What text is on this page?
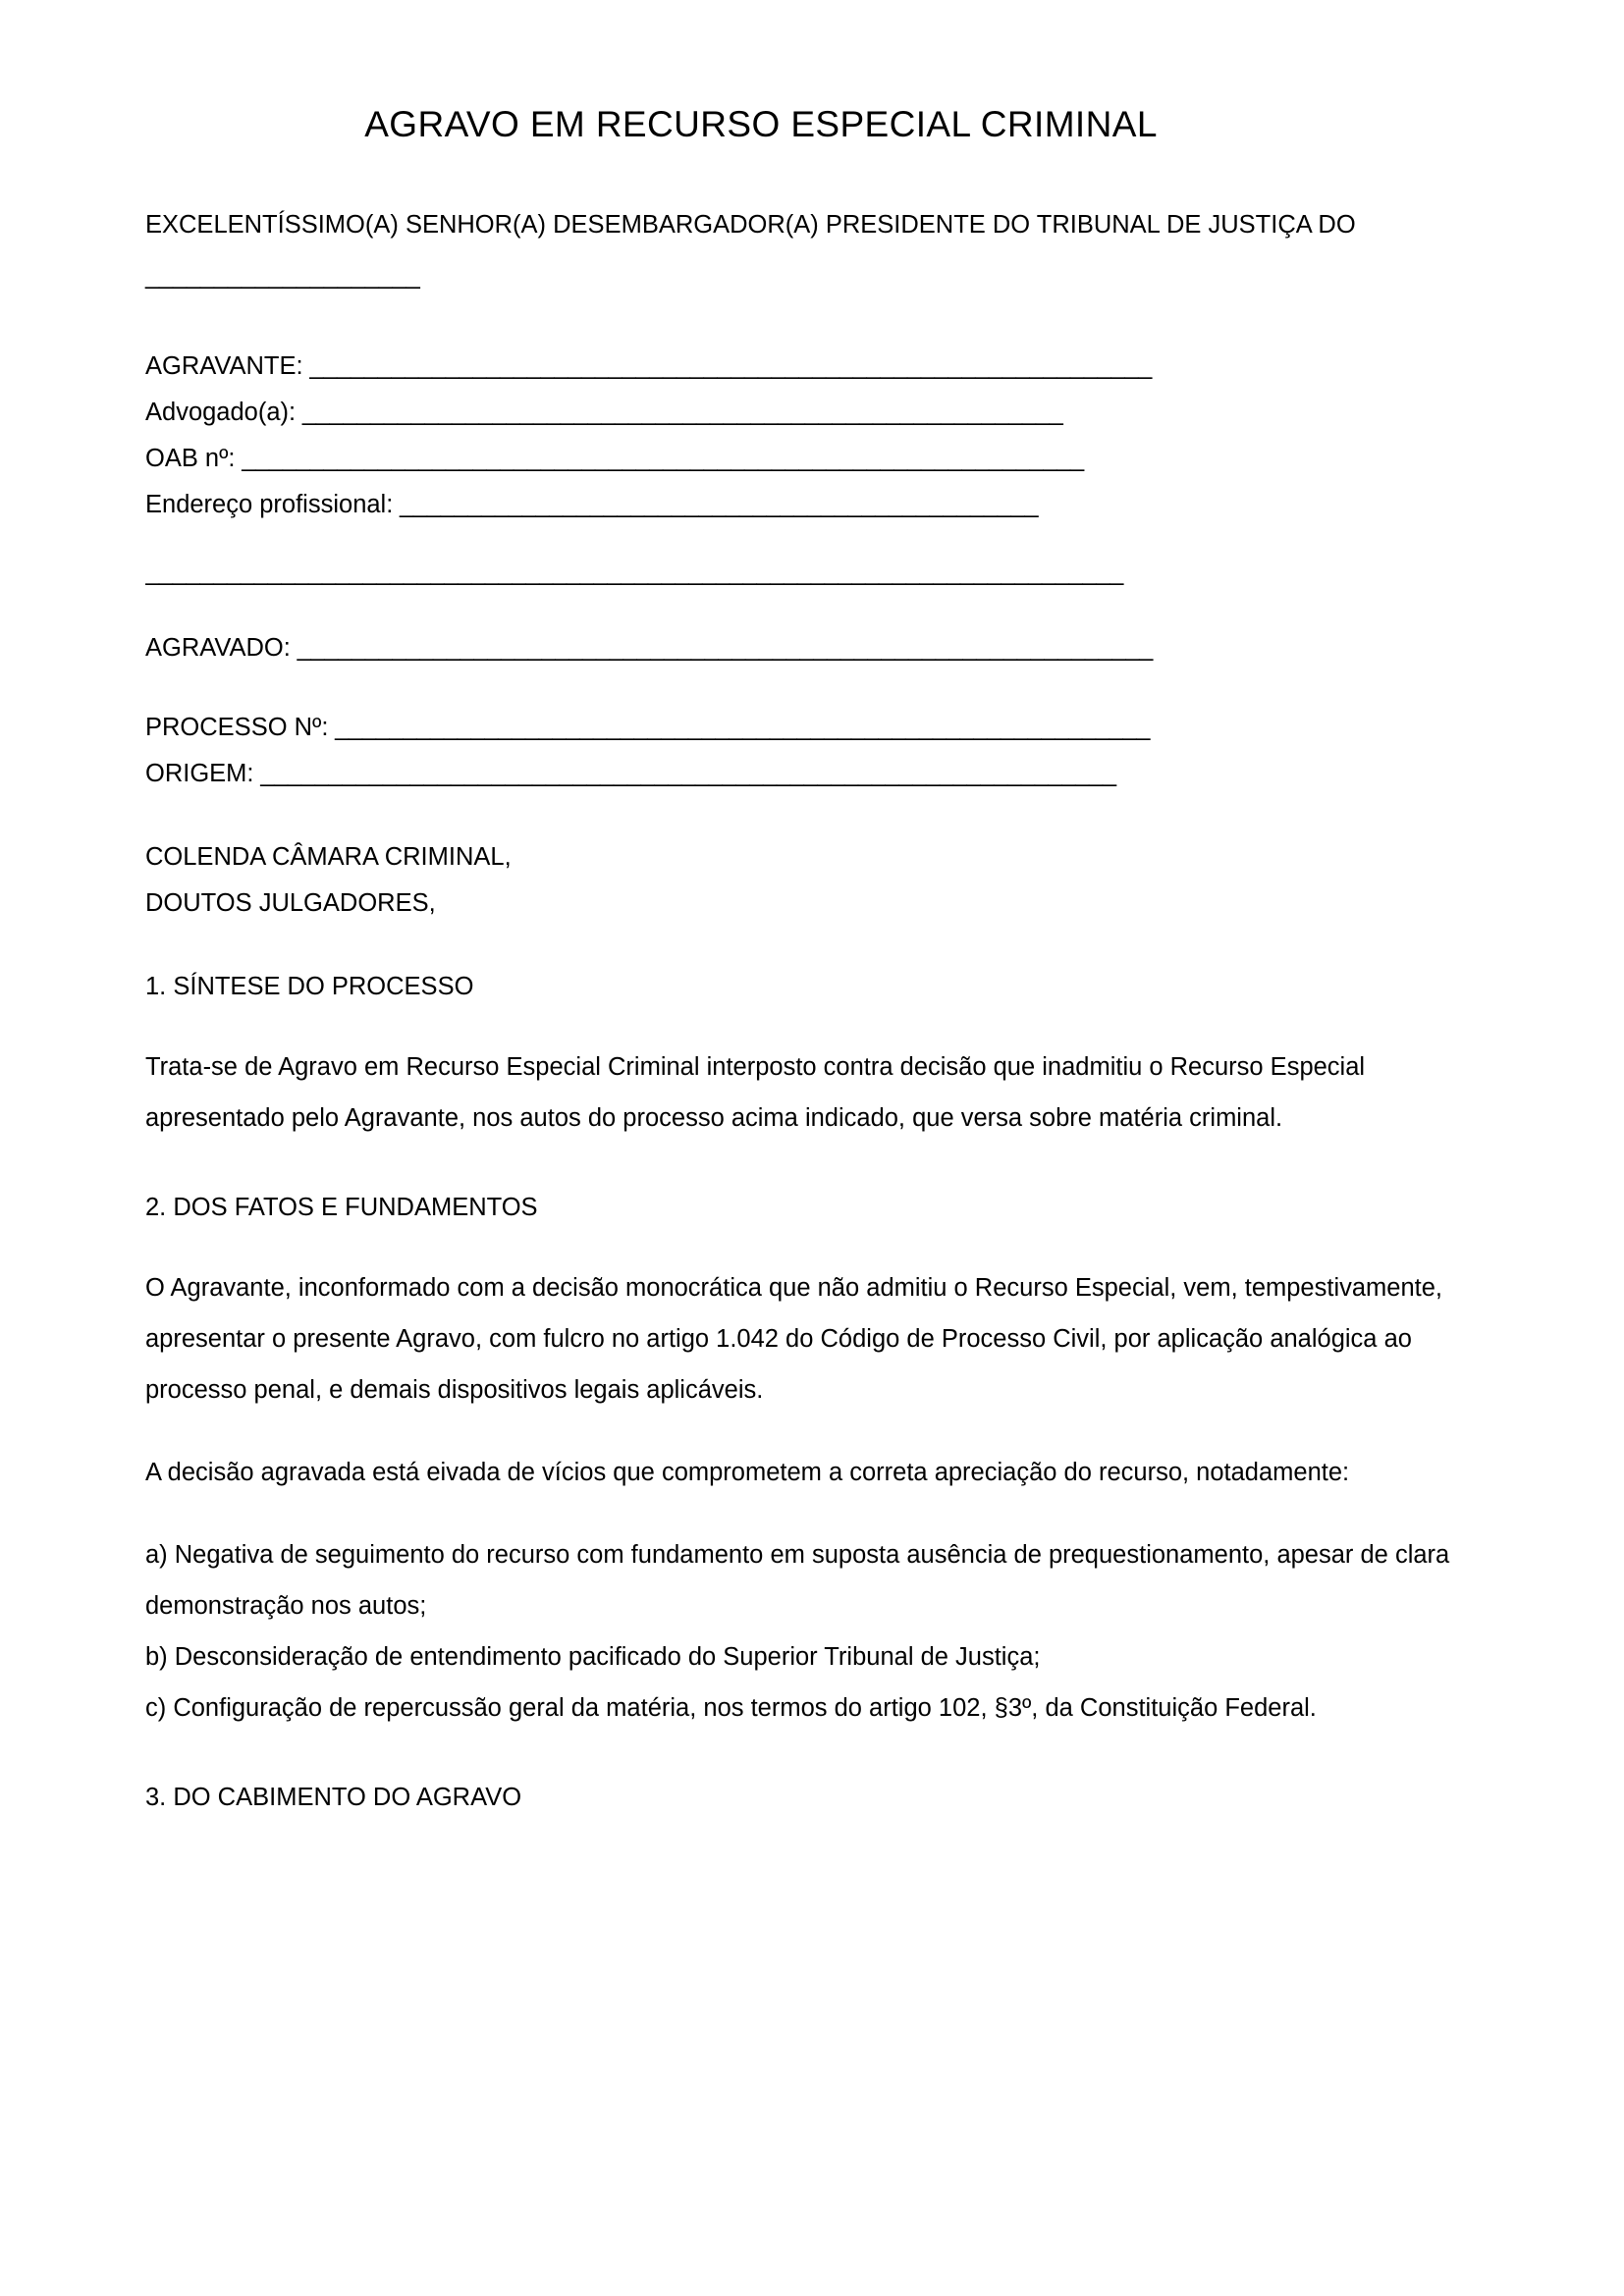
AGRAVO EM RECURSO ESPECIAL CRIMINAL

EXCELENTÍSSIMO(A) SENHOR(A) DESEMBARGADOR(A) PRESIDENTE DO TRIBUNAL DE JUSTIÇA DO

____________________

AGRAVANTE: ______________________________________________________________

Advogado(a): ________________________________________________________

OAB nº: ______________________________________________________________

Endereço profissional: _______________________________________________

________________________________________________________________________

AGRAVADO: _______________________________________________________________

PROCESSO Nº: ____________________________________________________________

ORIGEM: _______________________________________________________________

COLENDA CÂMARA CRIMINAL,

DOUTOS JULGADORES,

1. SÍNTESE DO PROCESSO

Trata-se de Agravo em Recurso Especial Criminal interposto contra decisão que inadmitiu o Recurso Especial apresentado pelo Agravante, nos autos do processo acima indicado, que versa sobre matéria criminal.

2. DOS FATOS E FUNDAMENTOS

O Agravante, inconformado com a decisão monocrática que não admitiu o Recurso Especial, vem, tempestivamente, apresentar o presente Agravo, com fulcro no artigo 1.042 do Código de Processo Civil, por aplicação analógica ao processo penal, e demais dispositivos legais aplicáveis.

A decisão agravada está eivada de vícios que comprometem a correta apreciação do recurso, notadamente:

a) Negativa de seguimento do recurso com fundamento em suposta ausência de prequestionamento, apesar de clara demonstração nos autos;

b) Desconsideração de entendimento pacificado do Superior Tribunal de Justiça;

c) Configuração de repercussão geral da matéria, nos termos do artigo 102, §3º, da Constituição Federal.

3. DO CABIMENTO DO AGRAVO
